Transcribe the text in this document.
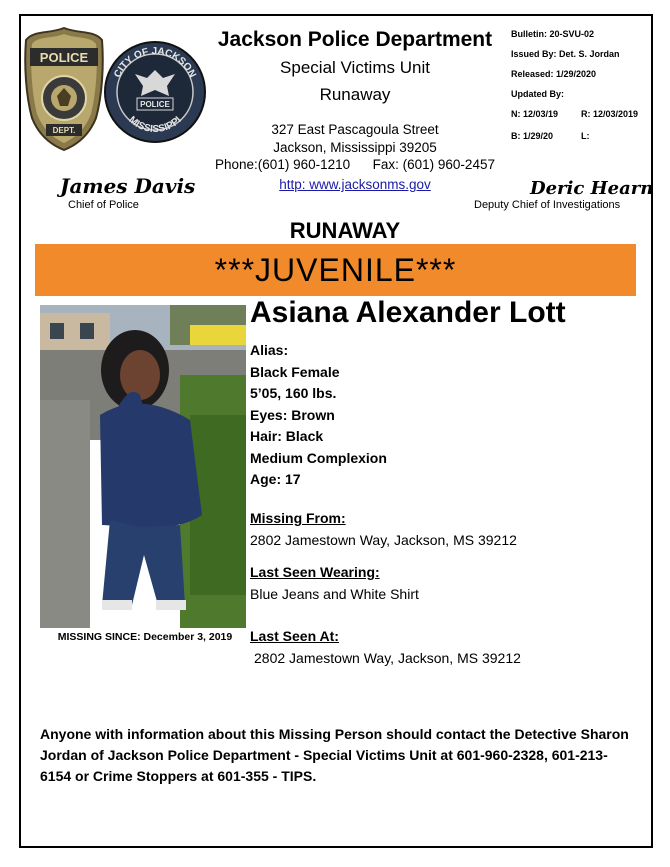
POLICE
DEPT.
CITY OF JACKSON
MISSISSIPPI
POLICE
Jackson Police Department
Special Victims Unit
Runaway
327 East Pascagoula Street
Jackson, Mississippi 39205
Phone:(601) 960-1210 Fax: (601) 960-2457
http: www.jacksonms.gov
Bulletin: 20-SVU-02
Issued By: Det. S. Jordan
Released: 1/29/2020
Updated By:
N: 12/03/19	R: 12/03/2019
B: 1/29/20	L:
James Davis
Chief of Police
Deric Hearn
Deputy Chief of Investigations
RUNAWAY
***JUVENILE***
MISSING SINCE: December 3, 2019
Asiana Alexander Lott
Alias:
Black Female
5’05, 160 lbs.
Eyes: Brown
Hair: Black
Medium Complexion
Age: 17
Missing From:
2802 Jamestown Way, Jackson, MS 39212
Last Seen Wearing:
Blue Jeans and White Shirt
Last Seen At:
2802 Jamestown Way, Jackson, MS 39212
Anyone with information about this Missing Person should contact the Detective Sharon Jordan of Jackson Police Department - Special Victims Unit at 601-960-2328, 601-213-6154 or Crime Stoppers at 601-355 - TIPS.
